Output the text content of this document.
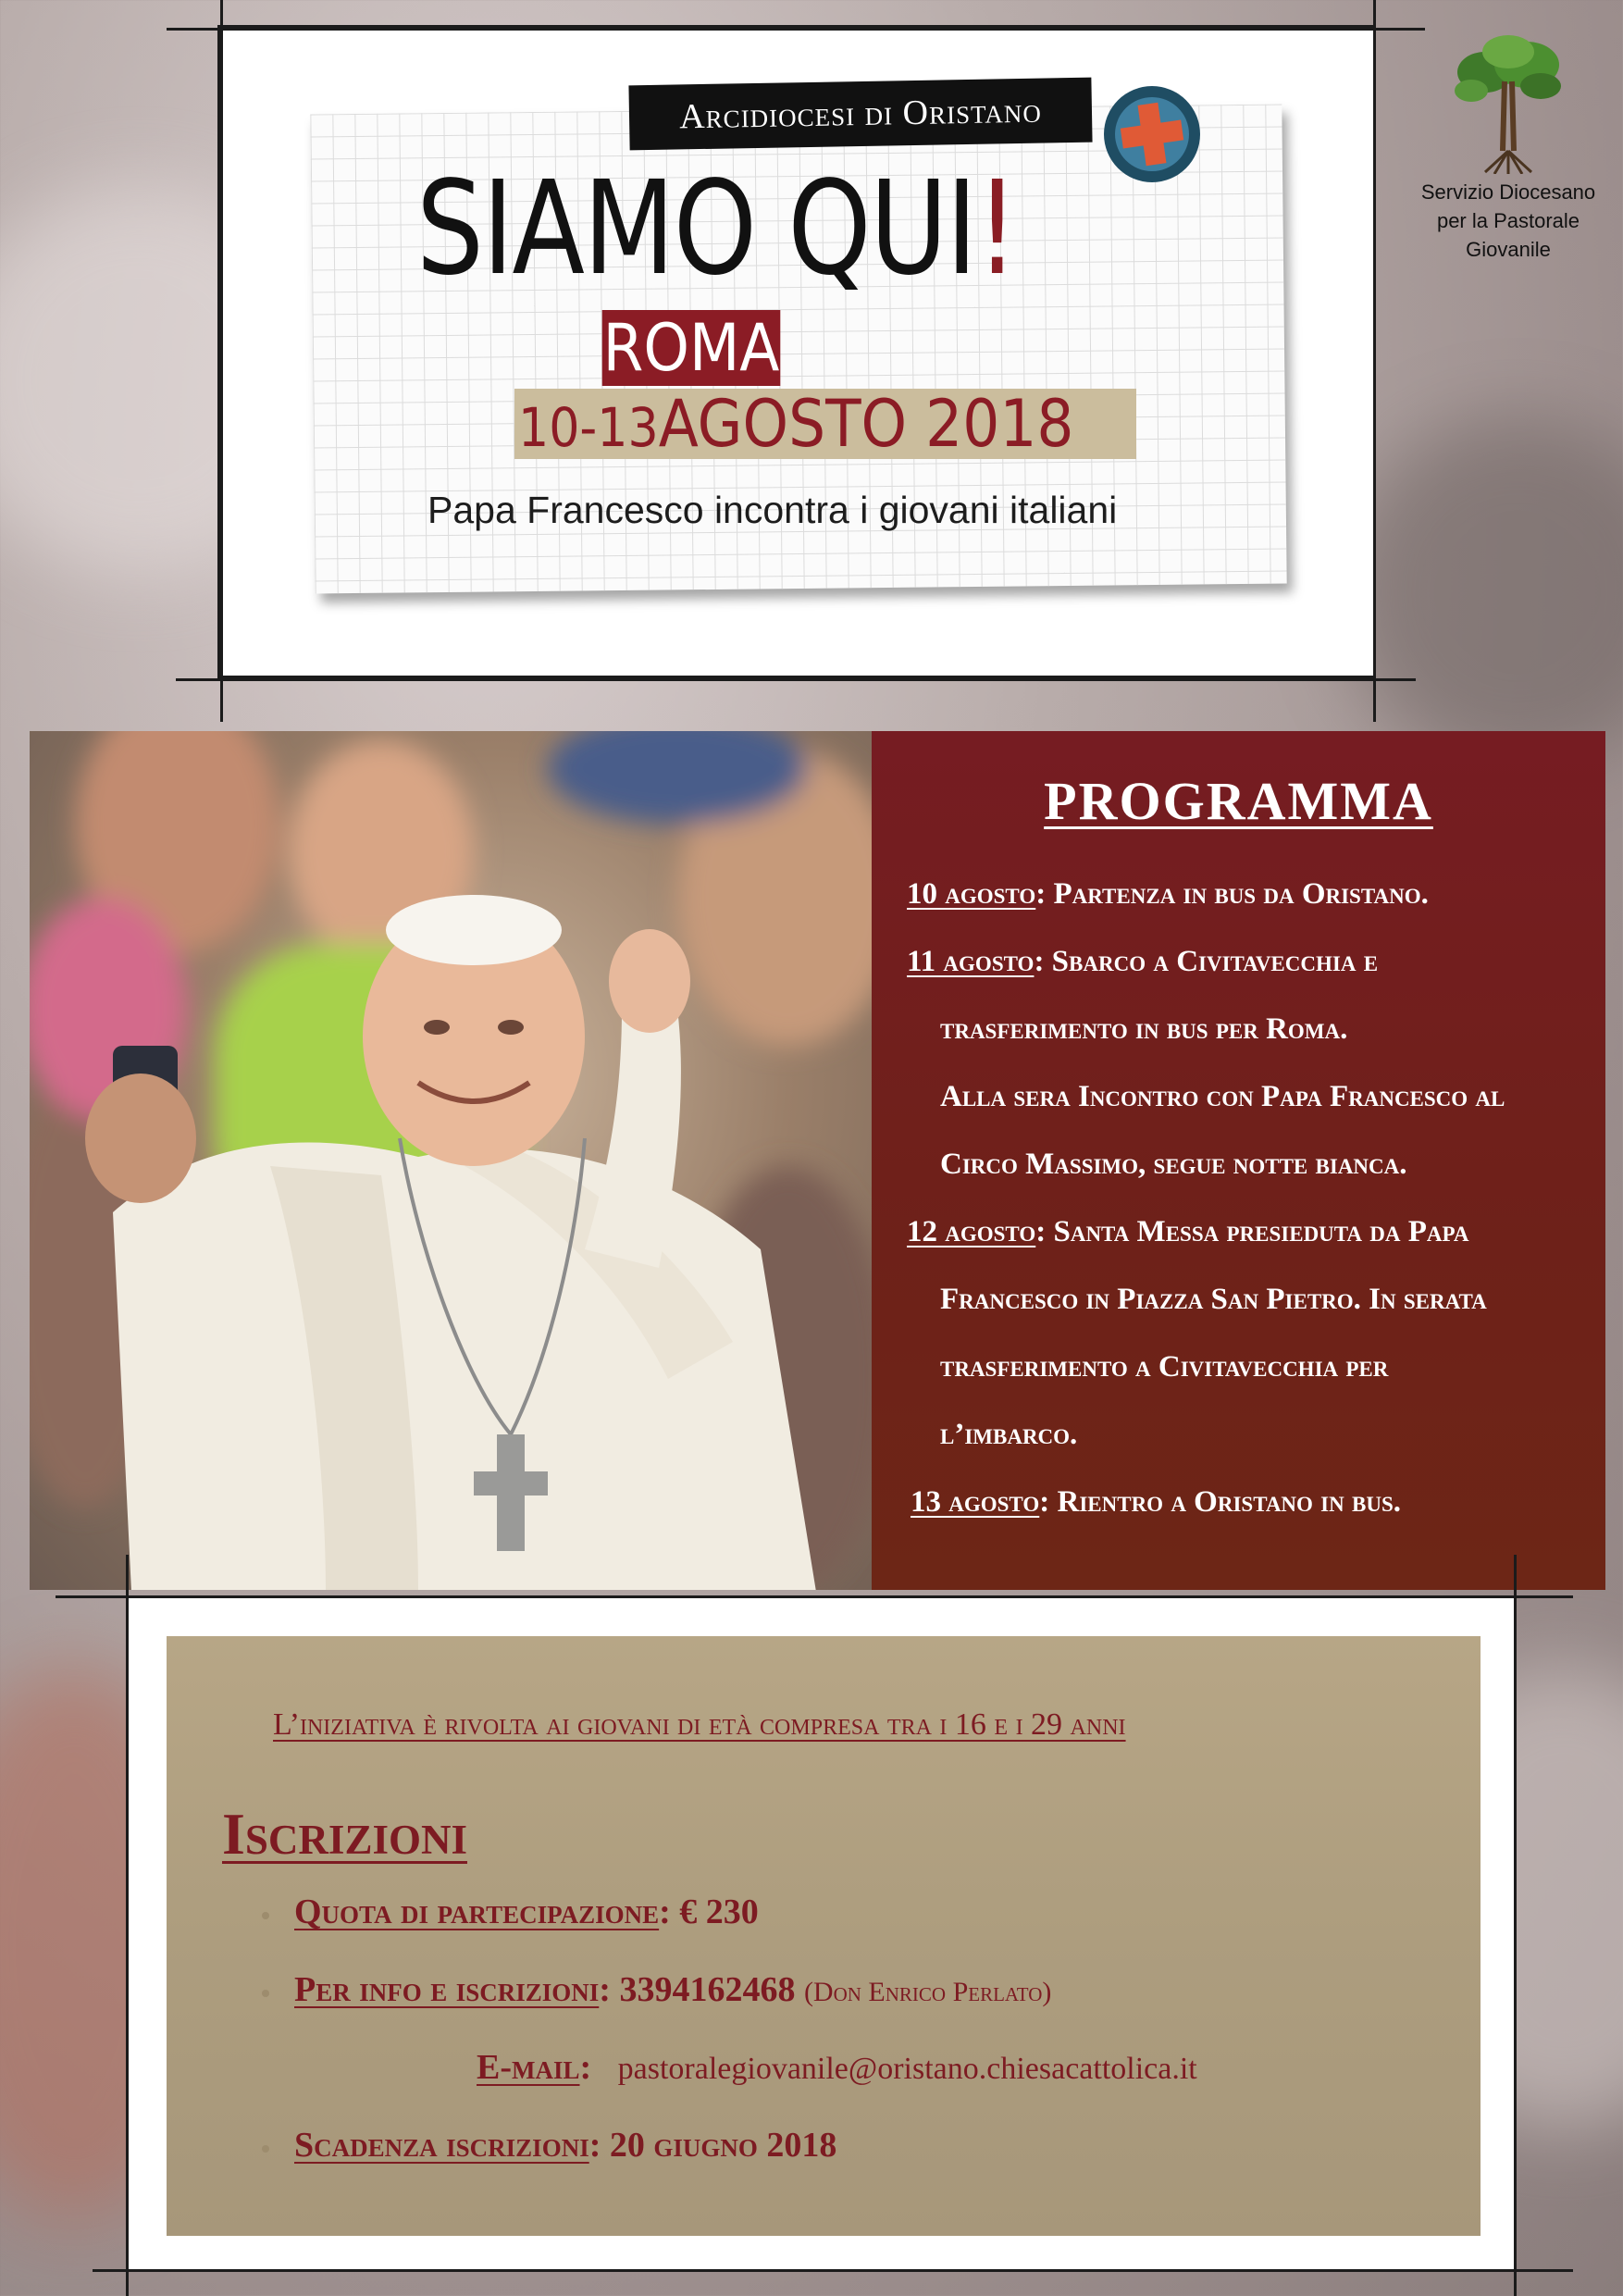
Arcidiocesi di Oristano
SIAMO QUI!
ROMA
10-13AGOSTO 2018
Papa Francesco incontra i giovani italiani
Servizio Diocesano
per la Pastorale
Giovanile
PROGRAMMA
10 agosto: Partenza in bus da Oristano.
11 agosto: Sbarco a Civitavecchia e
trasferimento in bus per Roma.
Alla sera Incontro con Papa Francesco al
Circo Massimo, segue notte bianca.
12 agosto: Santa Messa presieduta da Papa
Francesco in Piazza San Pietro. In serata
trasferimento a Civitavecchia per
l’imbarco.
13 agosto: Rientro a Oristano in bus.
L’iniziativa è rivolta ai giovani di età compresa tra i 16 e i 29 anni
Iscrizioni
Quota di partecipazione: € 230
Per info e iscrizioni: 3394162468 (Don Enrico Perlato)
E-mail:   pastoralegiovanile@oristano.chiesacattolica.it
Scadenza iscrizioni: 20 giugno 2018
